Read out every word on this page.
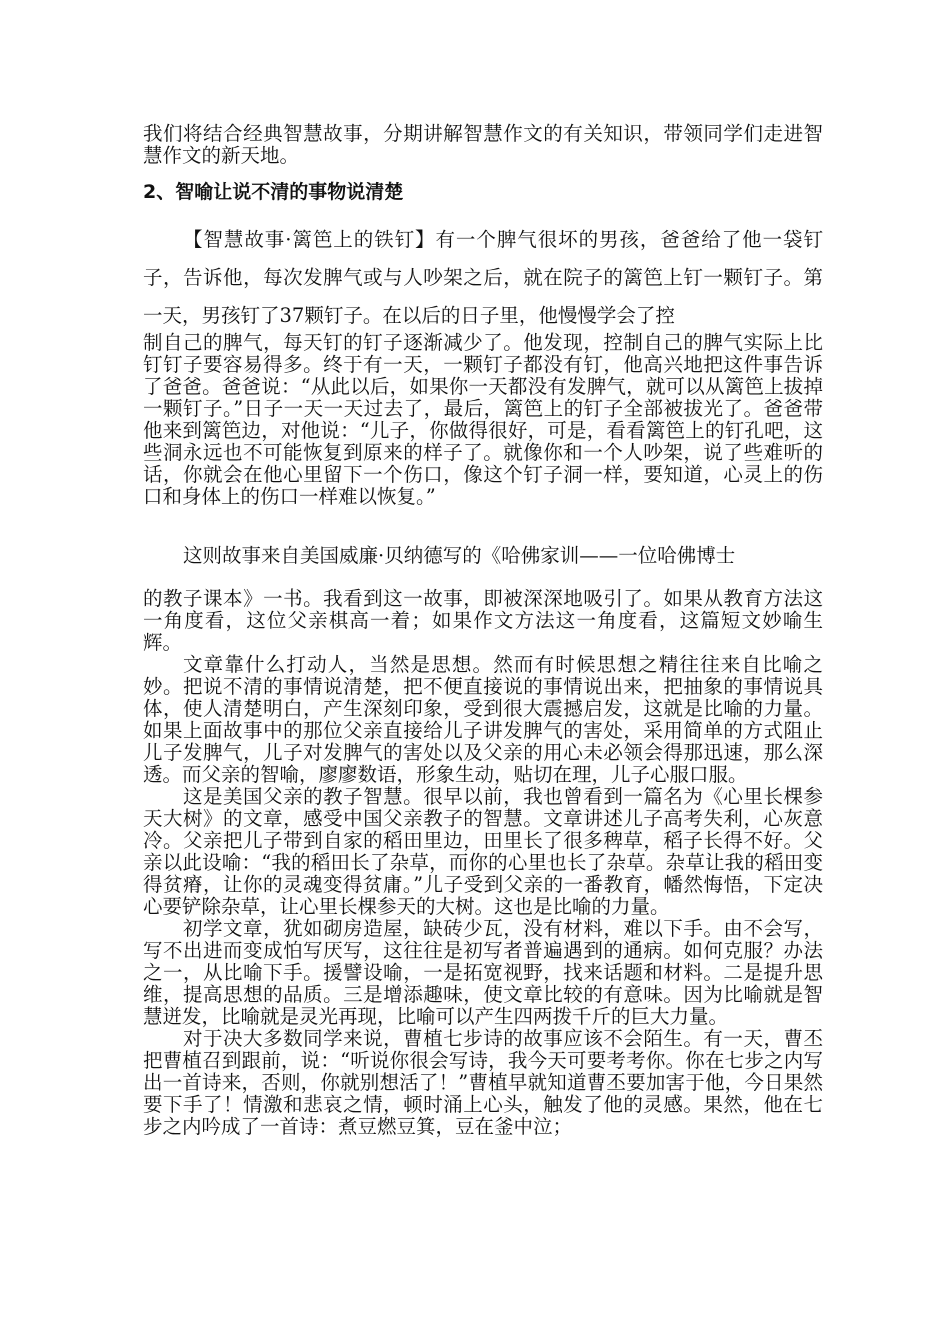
我们将结合经典智慧故事，分期讲解智慧作文的有关知识，带领同学们走进智慧作文的新天地。

2、智喻让说不清的事物说清楚

【智慧故事·篱笆上的铁钉】有一个脾气很坏的男孩，爸爸给了他一袋钉子，告诉他，每次发脾气或与人吵架之后，就在院子的篱笆上钉一颗钉子。第一天，男孩钉了37颗钉子。在以后的日子里，他慢慢学会了控

制自己的脾气，每天钉的钉子逐渐减少了。他发现，控制自己的脾气实际上比钉钉子要容易得多。终于有一天，一颗钉子都没有钉，他高兴地把这件事告诉了爸爸。爸爸说：“从此以后，如果你一天都没有发脾气，就可以从篱笆上拔掉一颗钉子。”日子一天一天过去了，最后，篱笆上的钉子全部被拔光了。爸爸带他来到篱笆边，对他说：“儿子，你做得很好，可是，看看篱笆上的钉孔吧，这些洞永远也不可能恢复到原来的样子了。就像你和一个人吵架，说了些难听的话，你就会在他心里留下一个伤口，像这个钉子洞一样，要知道，心灵上的伤口和身体上的伤口一样难以恢复。”

这则故事来自美国威廉·贝纳德写的《哈佛家训——一位哈佛博士

的教子课本》一书。我看到这一故事，即被深深地吸引了。如果从教育方法这一角度看，这位父亲棋高一着；如果作文方法这一角度看，这篇短文妙喻生辉。

文章靠什么打动人，当然是思想。然而有时候思想之精往往来自比喻之妙。把说不清的事情说清楚，把不便直接说的事情说出来，把抽象的事情说具体，使人清楚明白，产生深刻印象，受到很大震撼启发，这就是比喻的力量。如果上面故事中的那位父亲直接给儿子讲发脾气的害处，采用简单的方式阻止儿子发脾气，儿子对发脾气的害处以及父亲的用心未必领会得那迅速，那么深透。而父亲的智喻，廖廖数语，形象生动，贴切在理，儿子心服口服。

这是美国父亲的教子智慧。很早以前，我也曾看到一篇名为《心里长棵参天大树》的文章，感受中国父亲教子的智慧。文章讲述儿子高考失利，心灰意冷。父亲把儿子带到自家的稻田里边，田里长了很多稗草，稻子长得不好。父亲以此设喻：“我的稻田长了杂草，而你的心里也长了杂草。杂草让我的稻田变得贫瘠，让你的灵魂变得贫庸。”儿子受到父亲的一番教育，幡然悔悟，下定决心要铲除杂草，让心里长棵参天的大树。这也是比喻的力量。

初学文章，犹如砌房造屋，缺砖少瓦，没有材料，难以下手。由不会写，写不出进而变成怕写厌写，这往往是初写者普遍遇到的通病。如何克服？办法之一，从比喻下手。援譬设喻，一是拓宽视野，找来话题和材料。二是提升思维，提高思想的品质。三是增添趣味，使文章比较的有意味。因为比喻就是智慧迸发，比喻就是灵光再现，比喻可以产生四两拨千斤的巨大力量。

对于决大多数同学来说，曹植七步诗的故事应该不会陌生。有一天，曹丕把曹植召到跟前，说：“听说你很会写诗，我今天可要考考你。你在七步之内写出一首诗来，否则，你就别想活了！”曹植早就知道曹丕要加害于他，今日果然要下手了！情激和悲哀之情，顿时涌上心头，触发了他的灵感。果然，他在七步之内吟成了一首诗：煮豆燃豆箕，豆在釜中泣；
